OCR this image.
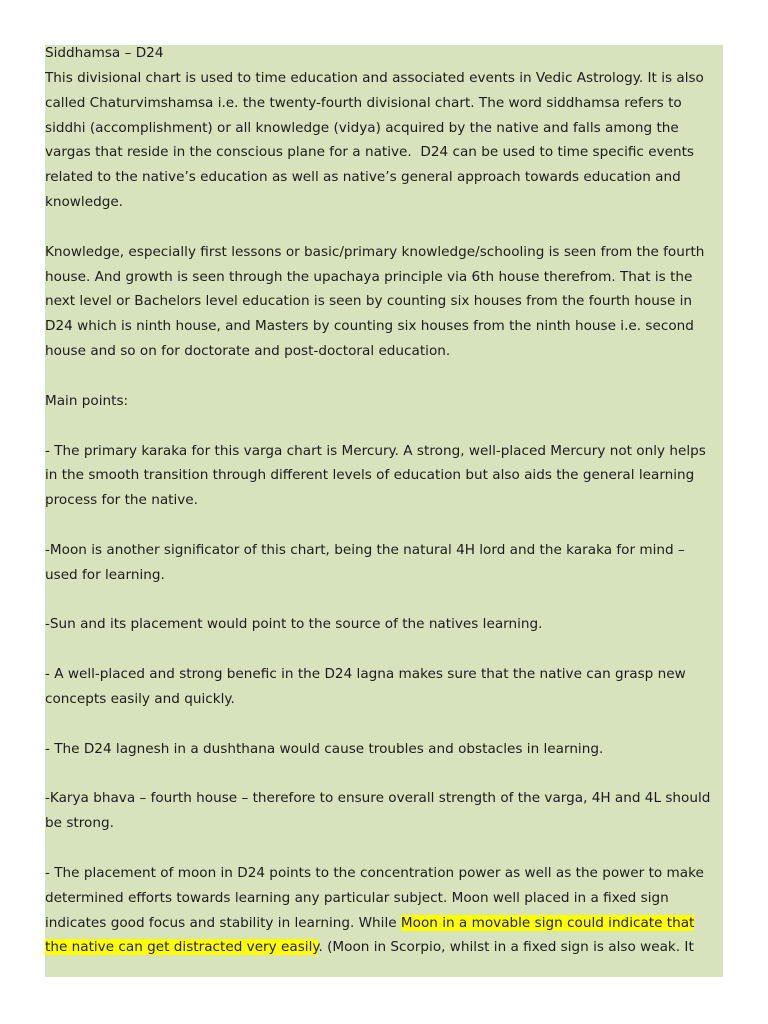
Siddhamsa – D24
This divisional chart is used to time education and associated events in Vedic Astrology. It is also
called Chaturvimshamsa i.e. the twenty-fourth divisional chart. The word siddhamsa refers to
siddhi (accomplishment) or all knowledge (vidya) acquired by the native and falls among the
vargas that reside in the conscious plane for a native.  D24 can be used to time specific events
related to the native’s education as well as native’s general approach towards education and
knowledge.
Knowledge, especially first lessons or basic/primary knowledge/schooling is seen from the fourth
house. And growth is seen through the upachaya principle via 6th house therefrom. That is the
next level or Bachelors level education is seen by counting six houses from the fourth house in
D24 which is ninth house, and Masters by counting six houses from the ninth house i.e. second
house and so on for doctorate and post-doctoral education.
Main points:
- The primary karaka for this varga chart is Mercury. A strong, well-placed Mercury not only helps
in the smooth transition through different levels of education but also aids the general learning
process for the native.
-Moon is another significator of this chart, being the natural 4H lord and the karaka for mind –
used for learning.
-Sun and its placement would point to the source of the natives learning.
- A well-placed and strong benefic in the D24 lagna makes sure that the native can grasp new
concepts easily and quickly.
- The D24 lagnesh in a dushthana would cause troubles and obstacles in learning.
-Karya bhava – fourth house – therefore to ensure overall strength of the varga, 4H and 4L should
be strong.
- The placement of moon in D24 points to the concentration power as well as the power to make
determined efforts towards learning any particular subject. Moon well placed in a fixed sign
indicates good focus and stability in learning. While Moon in a movable sign could indicate that
the native can get distracted very easily. (Moon in Scorpio, whilst in a fixed sign is also weak. It
